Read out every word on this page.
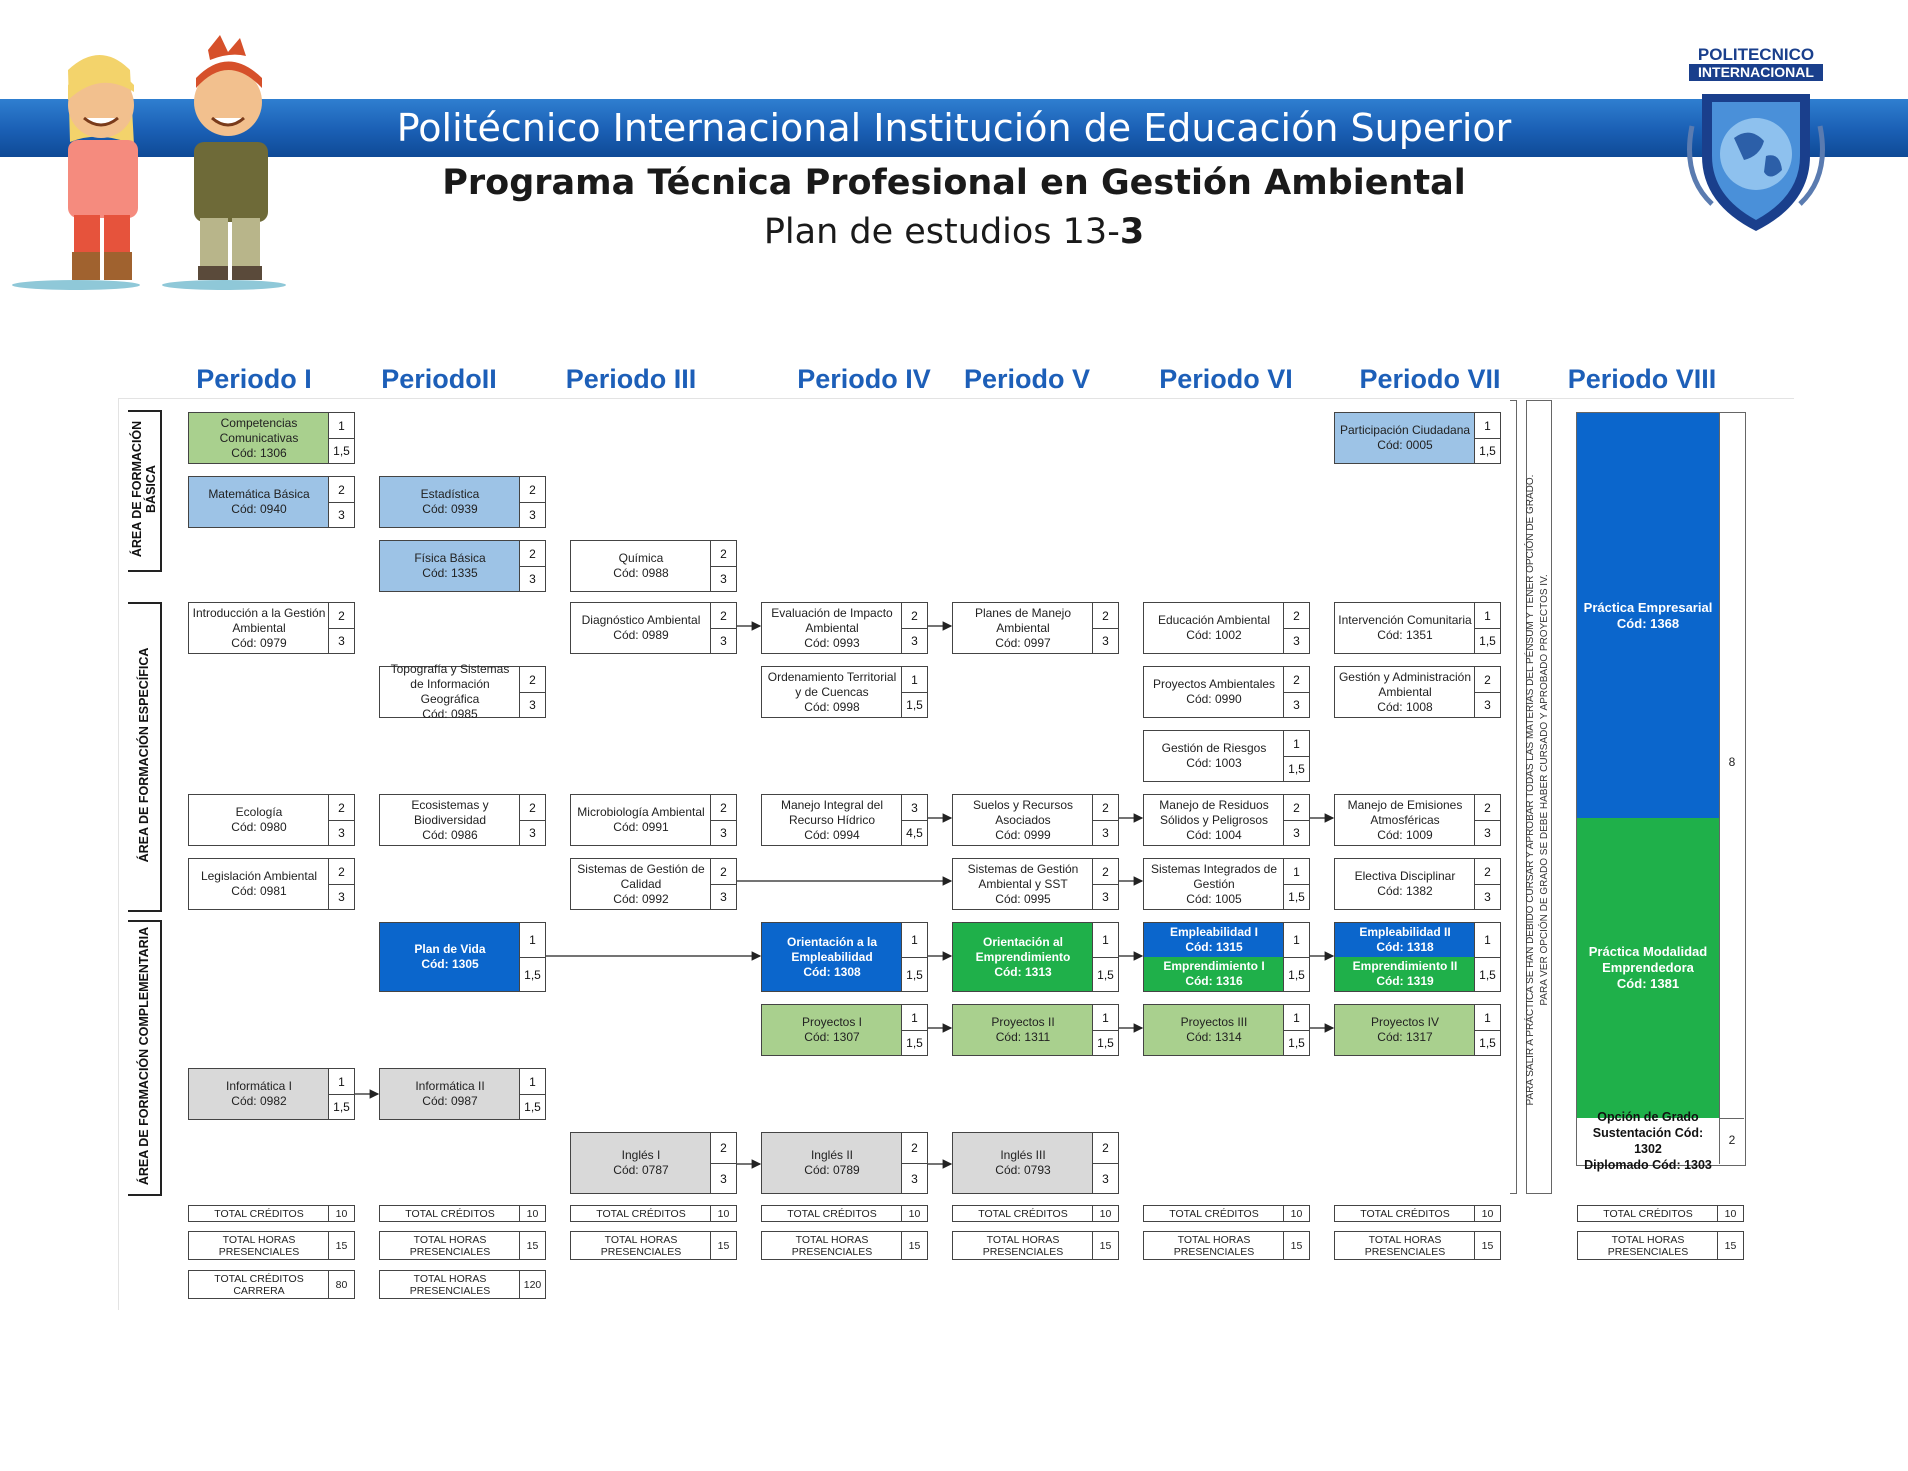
Politécnico Internacional Institución de Educación Superior
Programa Técnica Profesional en Gestión Ambiental
Plan de estudios 13-3
POLITECNICO
INTERNACIONAL
Periodo I	PeriodoII	Periodo III	Periodo IV Periodo V	Periodo VI Periodo VII Periodo VIII
ÁREA DE FORMACIÓN BÁSICA
ÁREA DE FORMACIÓN ESPECÍFICA
ÁREA DE FORMACIÓN COMPLEMENTARIA
Competencias
Comunicativas
Cód: 1306
1
1,5
Matemática Básica
Cód: 0940
2
3
Estadística
Cód: 0939
2
3
Física Básica
Cód: 1335
2
3
Química
Cód: 0988
2
3
Participación Ciudadana
Cód: 0005
1
1,5
Introducción a la Gestión
Ambiental
Cód: 0979
2
3
Topografía y Sistemas
de Información
Geográfica
Cód: 0985
2
3
Diagnóstico Ambiental
Cód: 0989
2
3
Evaluación de Impacto
Ambiental
Cód: 0993
2
3
Planes de Manejo
Ambiental
Cód: 0997
2
3
Educación Ambiental
Cód: 1002
2
3
Intervención Comunitaria
Cód: 1351
1
1,5
Ordenamiento Territorial
y de Cuencas
Cód: 0998
1
1,5
Proyectos Ambientales
Cód: 0990
2
3
Gestión y Administración
Ambiental
Cód: 1008
2
3
Gestión de Riesgos
Cód: 1003
1
1,5
Ecología
Cód: 0980
2
3
Ecosistemas y
Biodiversidad
Cód: 0986
2
3
Microbiología Ambiental
Cód: 0991
2
3
Manejo Integral del
Recurso Hídrico
Cód: 0994
3
4,5
Suelos y Recursos
Asociados
Cód: 0999
2
3
Manejo de Residuos
Sólidos y Peligrosos
Cód: 1004
2
3
Manejo de Emisiones
Atmosféricas
Cód: 1009
2
3
Legislación Ambiental
Cód: 0981
2
3
Sistemas de Gestión de
Calidad
Cód: 0992
2
3
Sistemas de Gestión
Ambiental y SST
Cód: 0995
2
3
Sistemas Integrados de
Gestión
Cód: 1005
1
1,5
Electiva Disciplinar
Cód: 1382
2
3
Plan de Vida
Cód: 1305
1
1,5
Orientación a la
Empleabilidad
Cód: 1308
1
1,5
Orientación al
Emprendimiento
Cód: 1313
1
1,5
Empleabilidad I
Cód: 1315
Emprendimiento I
Cód: 1316
1
1,5
Empleabilidad II
Cód: 1318
Emprendimiento II
Cód: 1319
1
1,5
Proyectos I
Cód: 1307
1
1,5
Proyectos II
Cód: 1311
1
1,5
Proyectos III
Cód: 1314
1
1,5
Proyectos IV
Cód: 1317
1
1,5
Informática I
Cód: 0982
1
1,5
Informática II
Cód: 0987
1
1,5
Inglés I
Cód: 0787
2
3
Inglés II
Cód: 0789
2
3
Inglés III
Cód: 0793
2
3
PARA SALIR A PRÁCTICA SE HAN DEBIDO CURSAR Y APROBAR TODAS LAS MATERIAS DEL PÉNSUM Y TENER OPCIÓN DE GRADO. PARA VER OPCIÓN DE GRADO SE DEBE HABER CURSADO Y APROBADO PROYECTOS IV.	Práctica Empresarial
Cód: 1368
Práctica Modalidad
Emprendedora
Cód: 1381

Sustentación Cód:
1302
Diplomado Cód: 1303
8
2
TOTAL CRÉDITOS	10
TOTAL HORAS
PRESENCIALES	15
TOTAL CRÉDITOS	10
TOTAL HORAS
PRESENCIALES	15
TOTAL CRÉDITOS	10
TOTAL HORAS
PRESENCIALES	15
TOTAL CRÉDITOS	10
TOTAL HORAS
PRESENCIALES	15
TOTAL CRÉDITOS	10
TOTAL HORAS
PRESENCIALES	15
TOTAL CRÉDITOS	10
TOTAL HORAS
PRESENCIALES	15
TOTAL CRÉDITOS	10
TOTAL HORAS
PRESENCIALES	15
TOTAL CRÉDITOS	10
TOTAL HORAS
PRESENCIALES	15
TOTAL CRÉDITOS
CARRERA	80	TOTAL HORAS
PRESENCIALES	120
